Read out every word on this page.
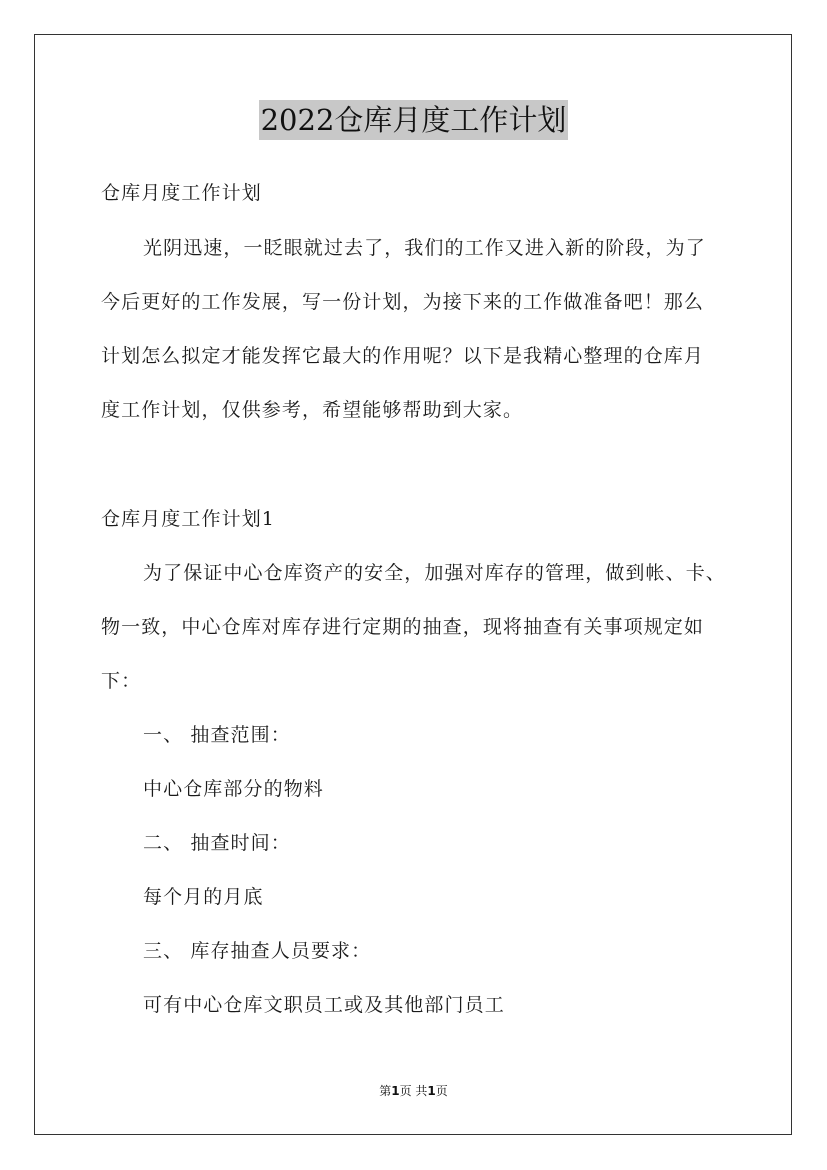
2022仓库月度工作计划
仓库月度工作计划
光阴迅速，一眨眼就过去了，我们的工作又进入新的阶段，为了
今后更好的工作发展，写一份计划，为接下来的工作做准备吧！那么
计划怎么拟定才能发挥它最大的作用呢？以下是我精心整理的仓库月
度工作计划，仅供参考，希望能够帮助到大家。
仓库月度工作计划1
为了保证中心仓库资产的安全，加强对库存的管理，做到帐、卡、
物一致，中心仓库对库存进行定期的抽查，现将抽查有关事项规定如
下：
一、 抽查范围：
中心仓库部分的物料
二、 抽查时间：
每个月的月底
三、 库存抽查人员要求：
可有中心仓库文职员工或及其他部门员工
第1页 共1页
